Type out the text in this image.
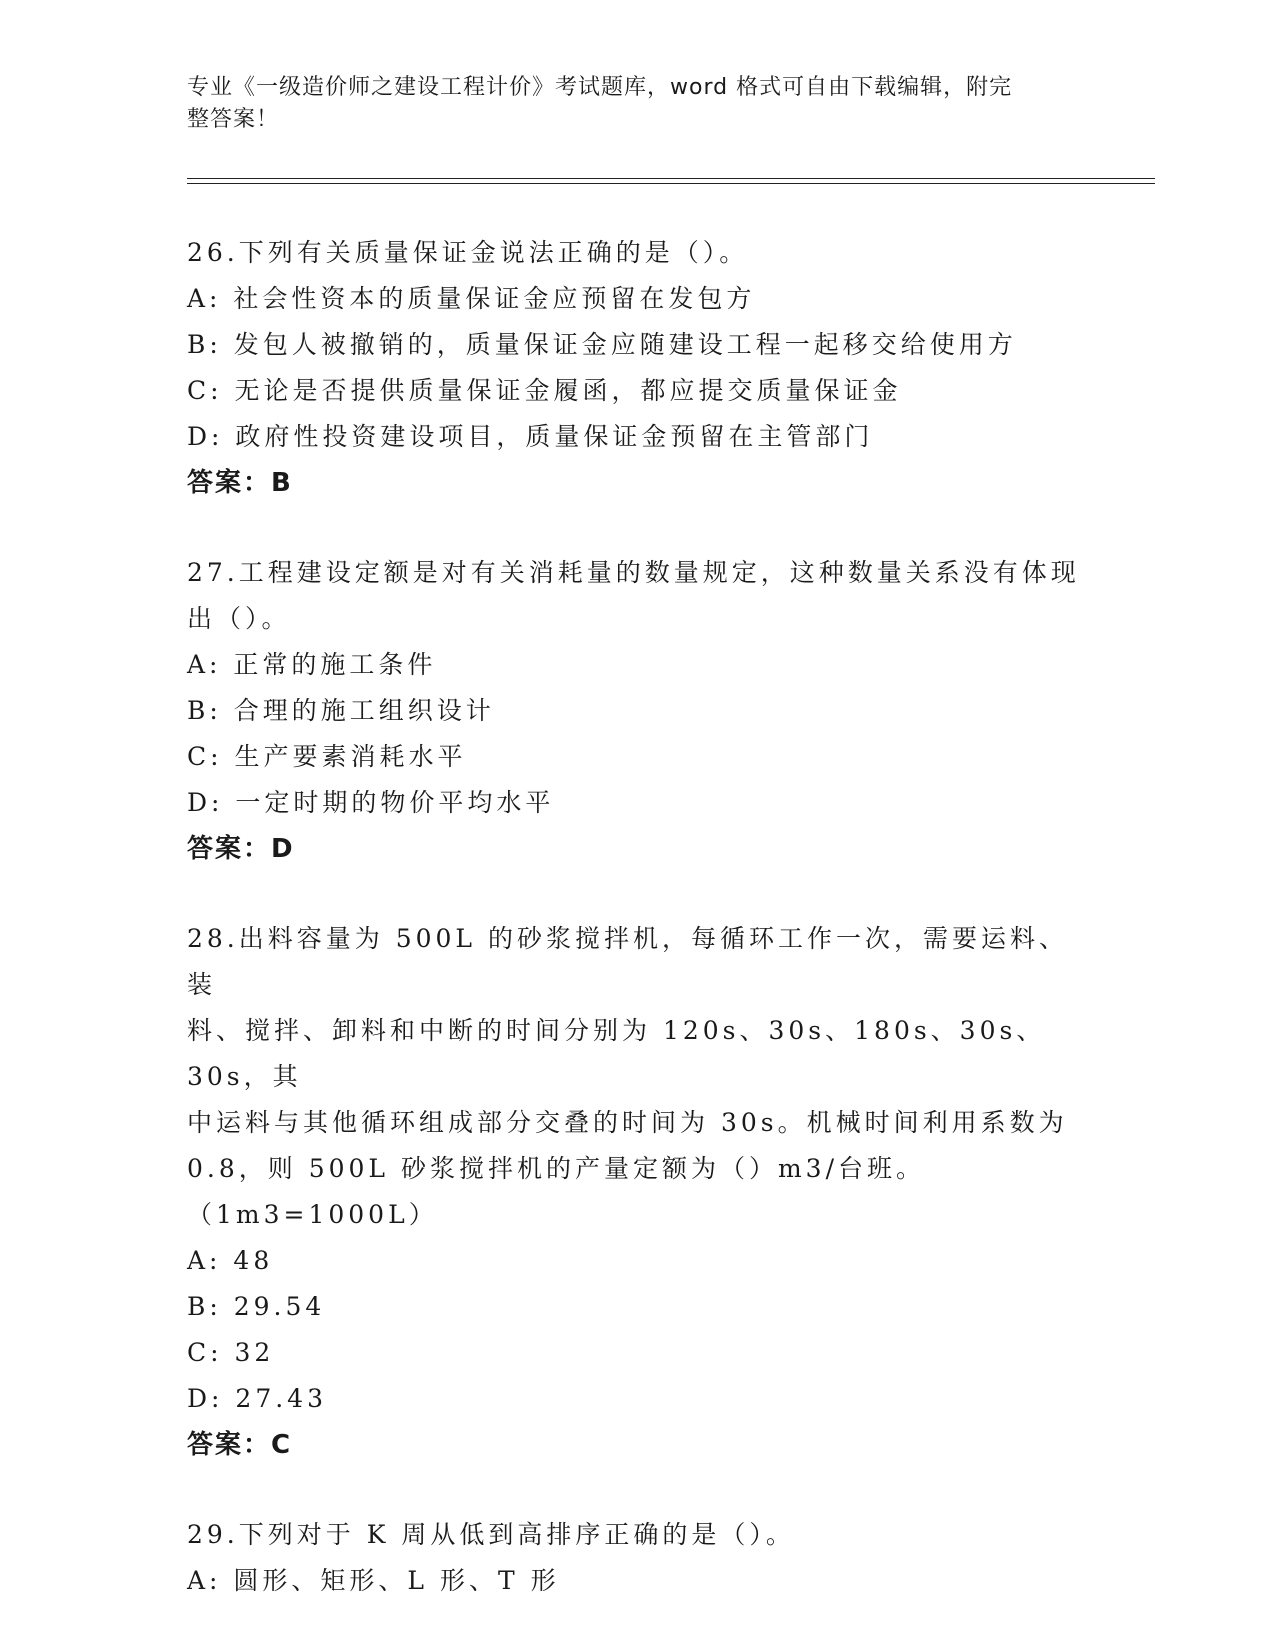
专业《一级造价师之建设工程计价》考试题库，word 格式可自由下载编辑，附完
整答案！
26.下列有关质量保证金说法正确的是（）。
A: 社会性资本的质量保证金应预留在发包方
B: 发包人被撤销的，质量保证金应随建设工程一起移交给使用方
C: 无论是否提供质量保证金履函，都应提交质量保证金
D: 政府性投资建设项目，质量保证金预留在主管部门
答案：B
27.工程建设定额是对有关消耗量的数量规定，这种数量关系没有体现
出（）。
A: 正常的施工条件
B: 合理的施工组织设计
C: 生产要素消耗水平
D: 一定时期的物价平均水平
答案：D
28.出料容量为 500L 的砂浆搅拌机，每循环工作一次，需要运料、装
料、搅拌、卸料和中断的时间分别为 120s、30s、180s、30s、30s，其
中运料与其他循环组成部分交叠的时间为 30s。机械时间利用系数为
0.8，则 500L 砂浆搅拌机的产量定额为（）m3/台班。（1m3=1000L）
A: 48
B: 29.54
C: 32
D: 27.43
答案：C
29.下列对于 K 周从低到高排序正确的是（）。
A: 圆形、矩形、L 形、T 形
